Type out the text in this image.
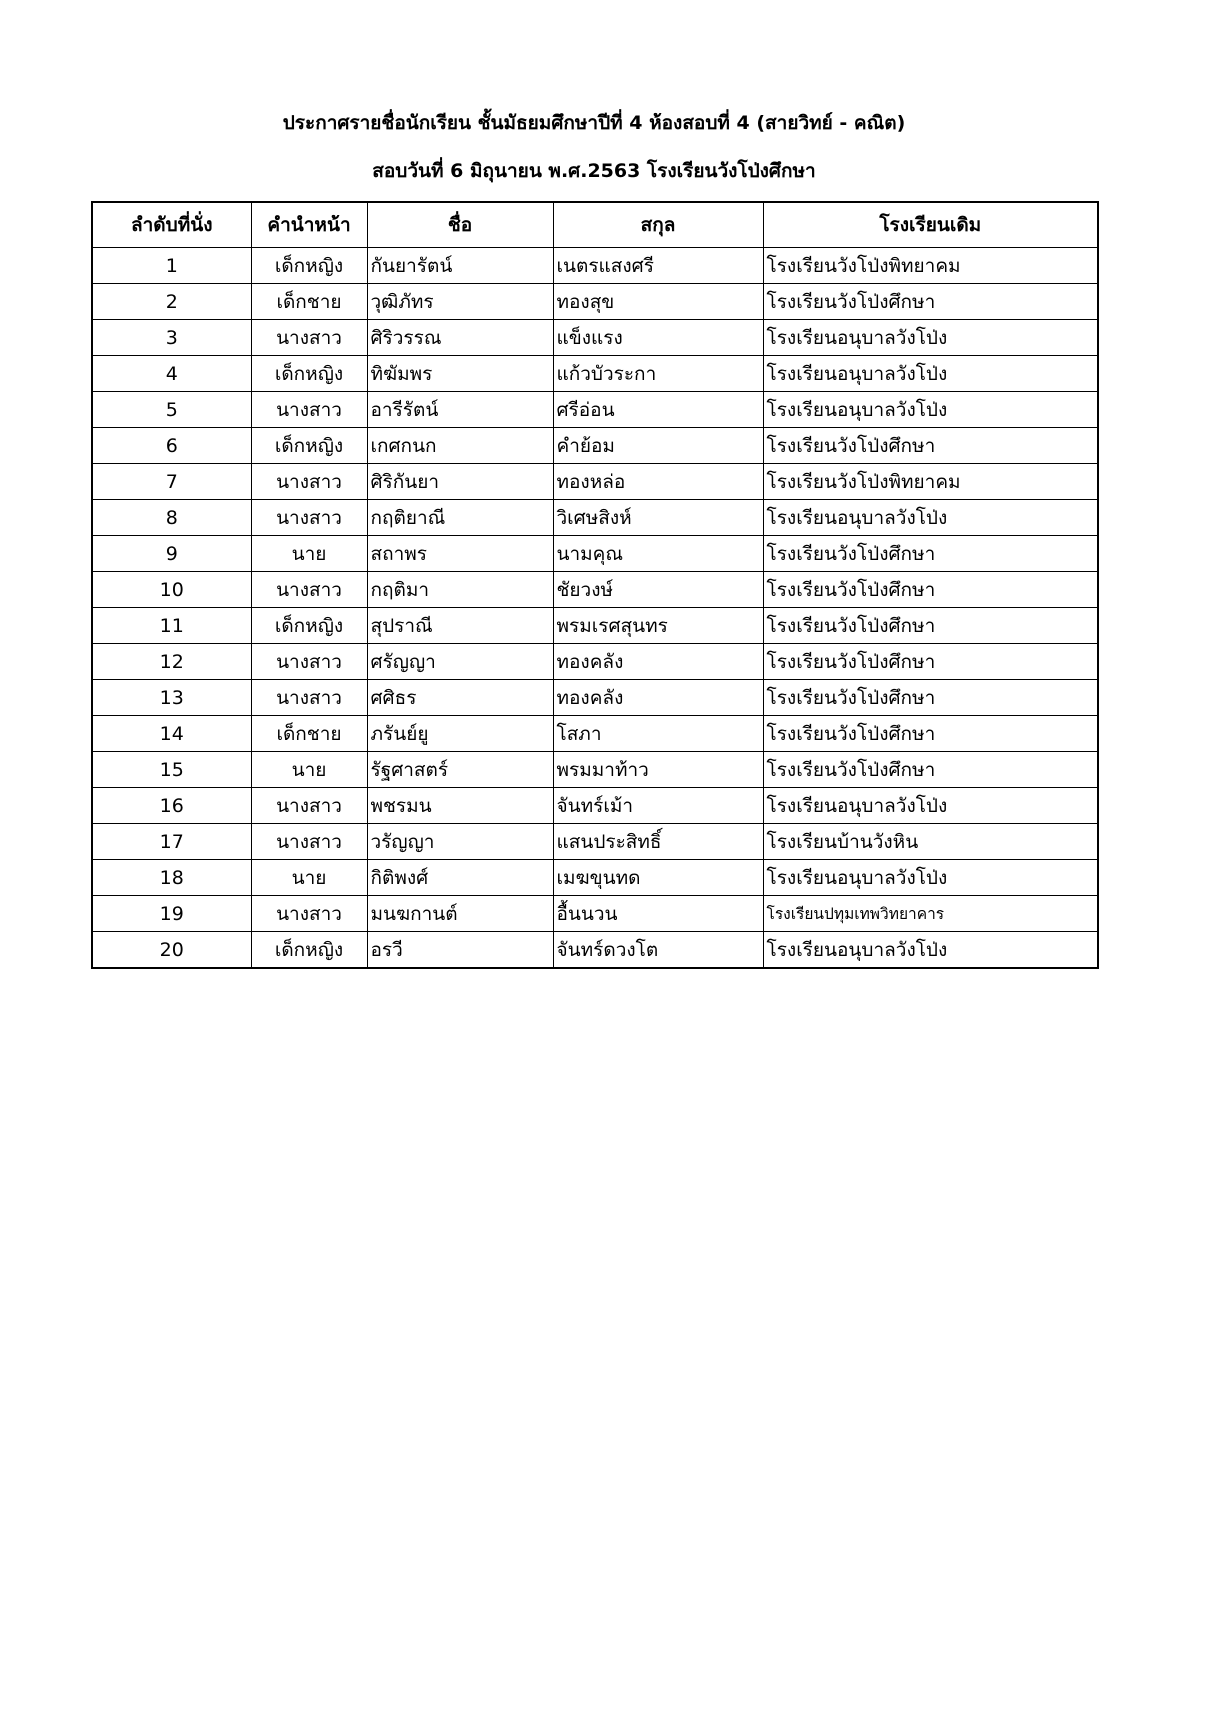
ประกาศรายชื่อนักเรียน ชั้นมัธยมศึกษาปีที่ 4 ห้องสอบที่ 4 (สายวิทย์ - คณิต)
สอบวันที่ 6 มิถุนายน พ.ศ.2563 โรงเรียนวังโป่งศึกษา
ลำดับที่นั่ง	คำนำหน้า	ชื่อ	สกุล	โรงเรียนเดิม
1	เด็กหญิง	กันยารัตน์	เนตรแสงศรี	โรงเรียนวังโป่งพิทยาคม
2	เด็กชาย	วุฒิภัทร	ทองสุข	โรงเรียนวังโป่งศึกษา
3	นางสาว	ศิริวรรณ	แข็งแรง	โรงเรียนอนุบาลวังโป่ง
4	เด็กหญิง	ทิฆัมพร	แก้วบัวระกา	โรงเรียนอนุบาลวังโป่ง
5	นางสาว	อารีรัตน์	ศรีอ่อน	โรงเรียนอนุบาลวังโป่ง
6	เด็กหญิง	เกศกนก	คำย้อม	โรงเรียนวังโป่งศึกษา
7	นางสาว	ศิริกันยา	ทองหล่อ	โรงเรียนวังโป่งพิทยาคม
8	นางสาว	กฤติยาณี	วิเศษสิงห์	โรงเรียนอนุบาลวังโป่ง
9	นาย	สถาพร	นามคุณ	โรงเรียนวังโป่งศึกษา
10	นางสาว	กฤติมา	ชัยวงษ์	โรงเรียนวังโป่งศึกษา
11	เด็กหญิง	สุปราณี	พรมเรศสุนทร	โรงเรียนวังโป่งศึกษา
12	นางสาว	ศรัญญา	ทองคลัง	โรงเรียนวังโป่งศึกษา
13	นางสาว	ศศิธร	ทองคลัง	โรงเรียนวังโป่งศึกษา
14	เด็กชาย	ภรันย์ยู	โสภา	โรงเรียนวังโป่งศึกษา
15	นาย	รัฐศาสตร์	พรมมาท้าว	โรงเรียนวังโป่งศึกษา
16	นางสาว	พชรมน	จันทร์เม้า	โรงเรียนอนุบาลวังโป่ง
17	นางสาว	วรัญญา	แสนประสิทธิ์	โรงเรียนบ้านวังหิน
18	นาย	กิติพงศ์	เมฆขุนทด	โรงเรียนอนุบาลวังโป่ง
19	นางสาว	มนฆกานต์	อื้นนวน	โรงเรียนปทุมเทพวิทยาคาร
20	เด็กหญิง	อรวี	จันทร์ดวงโต	โรงเรียนอนุบาลวังโป่ง
